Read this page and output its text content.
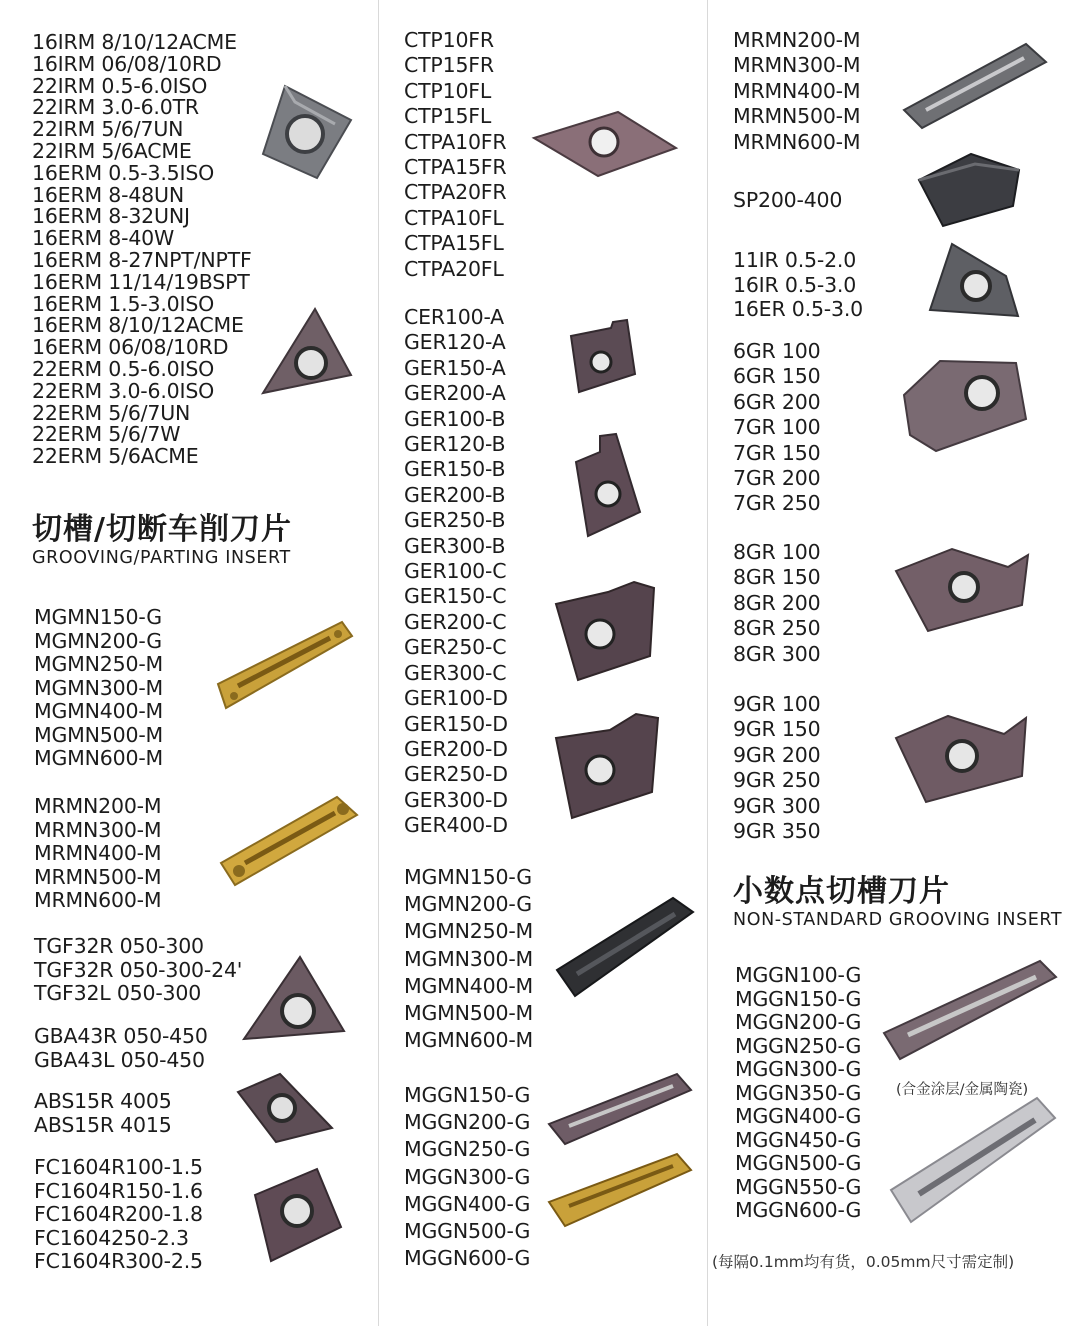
16IRM 8/10/12ACME
16IRM 06/08/10RD
22IRM 0.5-6.0ISO
22IRM 3.0-6.0TR
22IRM 5/6/7UN
22IRM 5/6ACME
16ERM 0.5-3.5ISO
16ERM 8-48UN
16ERM 8-32UNJ
16ERM 8-40W
16ERM 8-27NPT/NPTF
16ERM 11/14/19BSPT
16ERM 1.5-3.0ISO
16ERM 8/10/12ACME
16ERM 06/08/10RD
22ERM 0.5-6.0ISO
22ERM 3.0-6.0ISO
22ERM 5/6/7UN
22ERM 5/6/7W
22ERM 5/6ACME
切槽/切断车削刀片
GROOVING/PARTING INSERT
MGMN150-G
MGMN200-G
MGMN250-M
MGMN300-M
MGMN400-M
MGMN500-M
MGMN600-M
MRMN200-M
MRMN300-M
MRMN400-M
MRMN500-M
MRMN600-M
TGF32R 050-300
TGF32R 050-300-24'
TGF32L 050-300
GBA43R 050-450
GBA43L 050-450
ABS15R 4005
ABS15R 4015
FC1604R100-1.5
FC1604R150-1.6
FC1604R200-1.8
FC1604250-2.3
FC1604R300-2.5
CTP10FR
CTP15FR
CTP10FL
CTP15FL
CTPA10FR
CTPA15FR
CTPA20FR
CTPA10FL
CTPA15FL
CTPA20FL
CER100-A
GER120-A
GER150-A
GER200-A
GER100-B
GER120-B
GER150-B
GER200-B
GER250-B
GER300-B
GER100-C
GER150-C
GER200-C
GER250-C
GER300-C
GER100-D
GER150-D
GER200-D
GER250-D
GER300-D
GER400-D
MGMN150-G
MGMN200-G
MGMN250-M
MGMN300-M
MGMN400-M
MGMN500-M
MGMN600-M
MGGN150-G
MGGN200-G
MGGN250-G
MGGN300-G
MGGN400-G
MGGN500-G
MGGN600-G
MRMN200-M
MRMN300-M
MRMN400-M
MRMN500-M
MRMN600-M
SP200-400
11IR 0.5-2.0
16IR 0.5-3.0
16ER 0.5-3.0
6GR 100
6GR 150
6GR 200
7GR 100
7GR 150
7GR 200
7GR 250
8GR 100
8GR 150
8GR 200
8GR 250
8GR 300
9GR 100
9GR 150
9GR 200
9GR 250
9GR 300
9GR 350
小数点切槽刀片
NON-STANDARD GROOVING INSERT
MGGN100-G
MGGN150-G
MGGN200-G
MGGN250-G
MGGN300-G
MGGN350-G
MGGN400-G
MGGN450-G
MGGN500-G
MGGN550-G
MGGN600-G
(合金涂层/金属陶瓷)
(每隔0.1mm均有货，0.05mm尺寸需定制)
